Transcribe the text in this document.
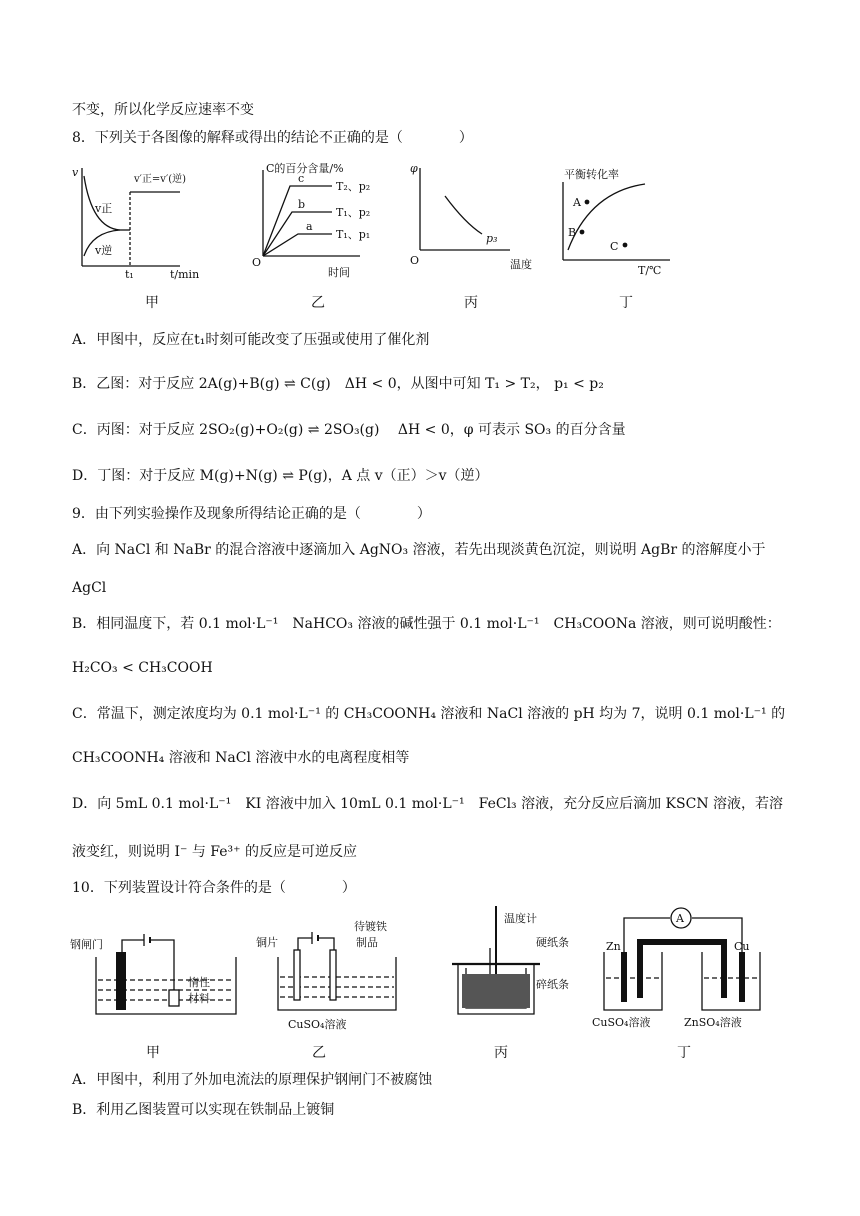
不变，所以化学反应速率不变
8．下列关于各图像的解释或得出的结论不正确的是（　　　　）
v
v正
v逆
v′正=v′(逆)
t₁	t/min
C的百分含量/%
O
时间
c
T₂、p₂
b
T₁、p₂
a
T₁、p₁
φ
O	温度
p₃
平衡转化率
T/℃
A
B
C
甲	乙	丙	丁
A．甲图中，反应在t₁时刻可能改变了压强或使用了催化剂
B．乙图：对于反应 2A(g)+B(g) ⇌ C(g)　ΔH < 0，从图中可知 T₁ > T₂， p₁ < p₂
C．丙图：对于反应 2SO₂(g)+O₂(g) ⇌ 2SO₃(g)　 ΔH < 0，φ 可表示 SO₃ 的百分含量
D．丁图：对于反应 M(g)+N(g) ⇌ P(g)，A 点 v（正）＞v（逆）
9．由下列实验操作及现象所得结论正确的是（　　　　）
A．向 NaCl 和 NaBr 的混合溶液中逐滴加入 AgNO₃ 溶液，若先出现淡黄色沉淀，则说明 AgBr 的溶解度小于
AgCl
B．相同温度下，若 0.1 mol·L⁻¹　NaHCO₃ 溶液的碱性强于 0.1 mol·L⁻¹　CH₃COONa 溶液，则可说明酸性：
H₂CO₃ < CH₃COOH
C．常温下，测定浓度均为 0.1 mol·L⁻¹ 的 CH₃COONH₄ 溶液和 NaCl 溶液的 pH 均为 7，说明 0.1 mol·L⁻¹ 的
CH₃COONH₄ 溶液和 NaCl 溶液中水的电离程度相等
D．向 5mL 0.1 mol·L⁻¹　KI 溶液中加入 10mL 0.1 mol·L⁻¹　FeCl₃ 溶液，充分反应后滴加 KSCN 溶液，若溶
液变红，则说明 I⁻ 与 Fe³⁺ 的反应是可逆反应
10．下列装置设计符合条件的是（　　　　）
钢闸门
惰性
材料
铜片
待镀铁
制品
CuSO₄溶液
温度计
硬纸条
碎纸条
Zn	Cu
A
CuSO₄溶液	ZnSO₄溶液
甲	乙	丙	丁
A．甲图中，利用了外加电流法的原理保护钢闸门不被腐蚀
B．利用乙图装置可以实现在铁制品上镀铜
